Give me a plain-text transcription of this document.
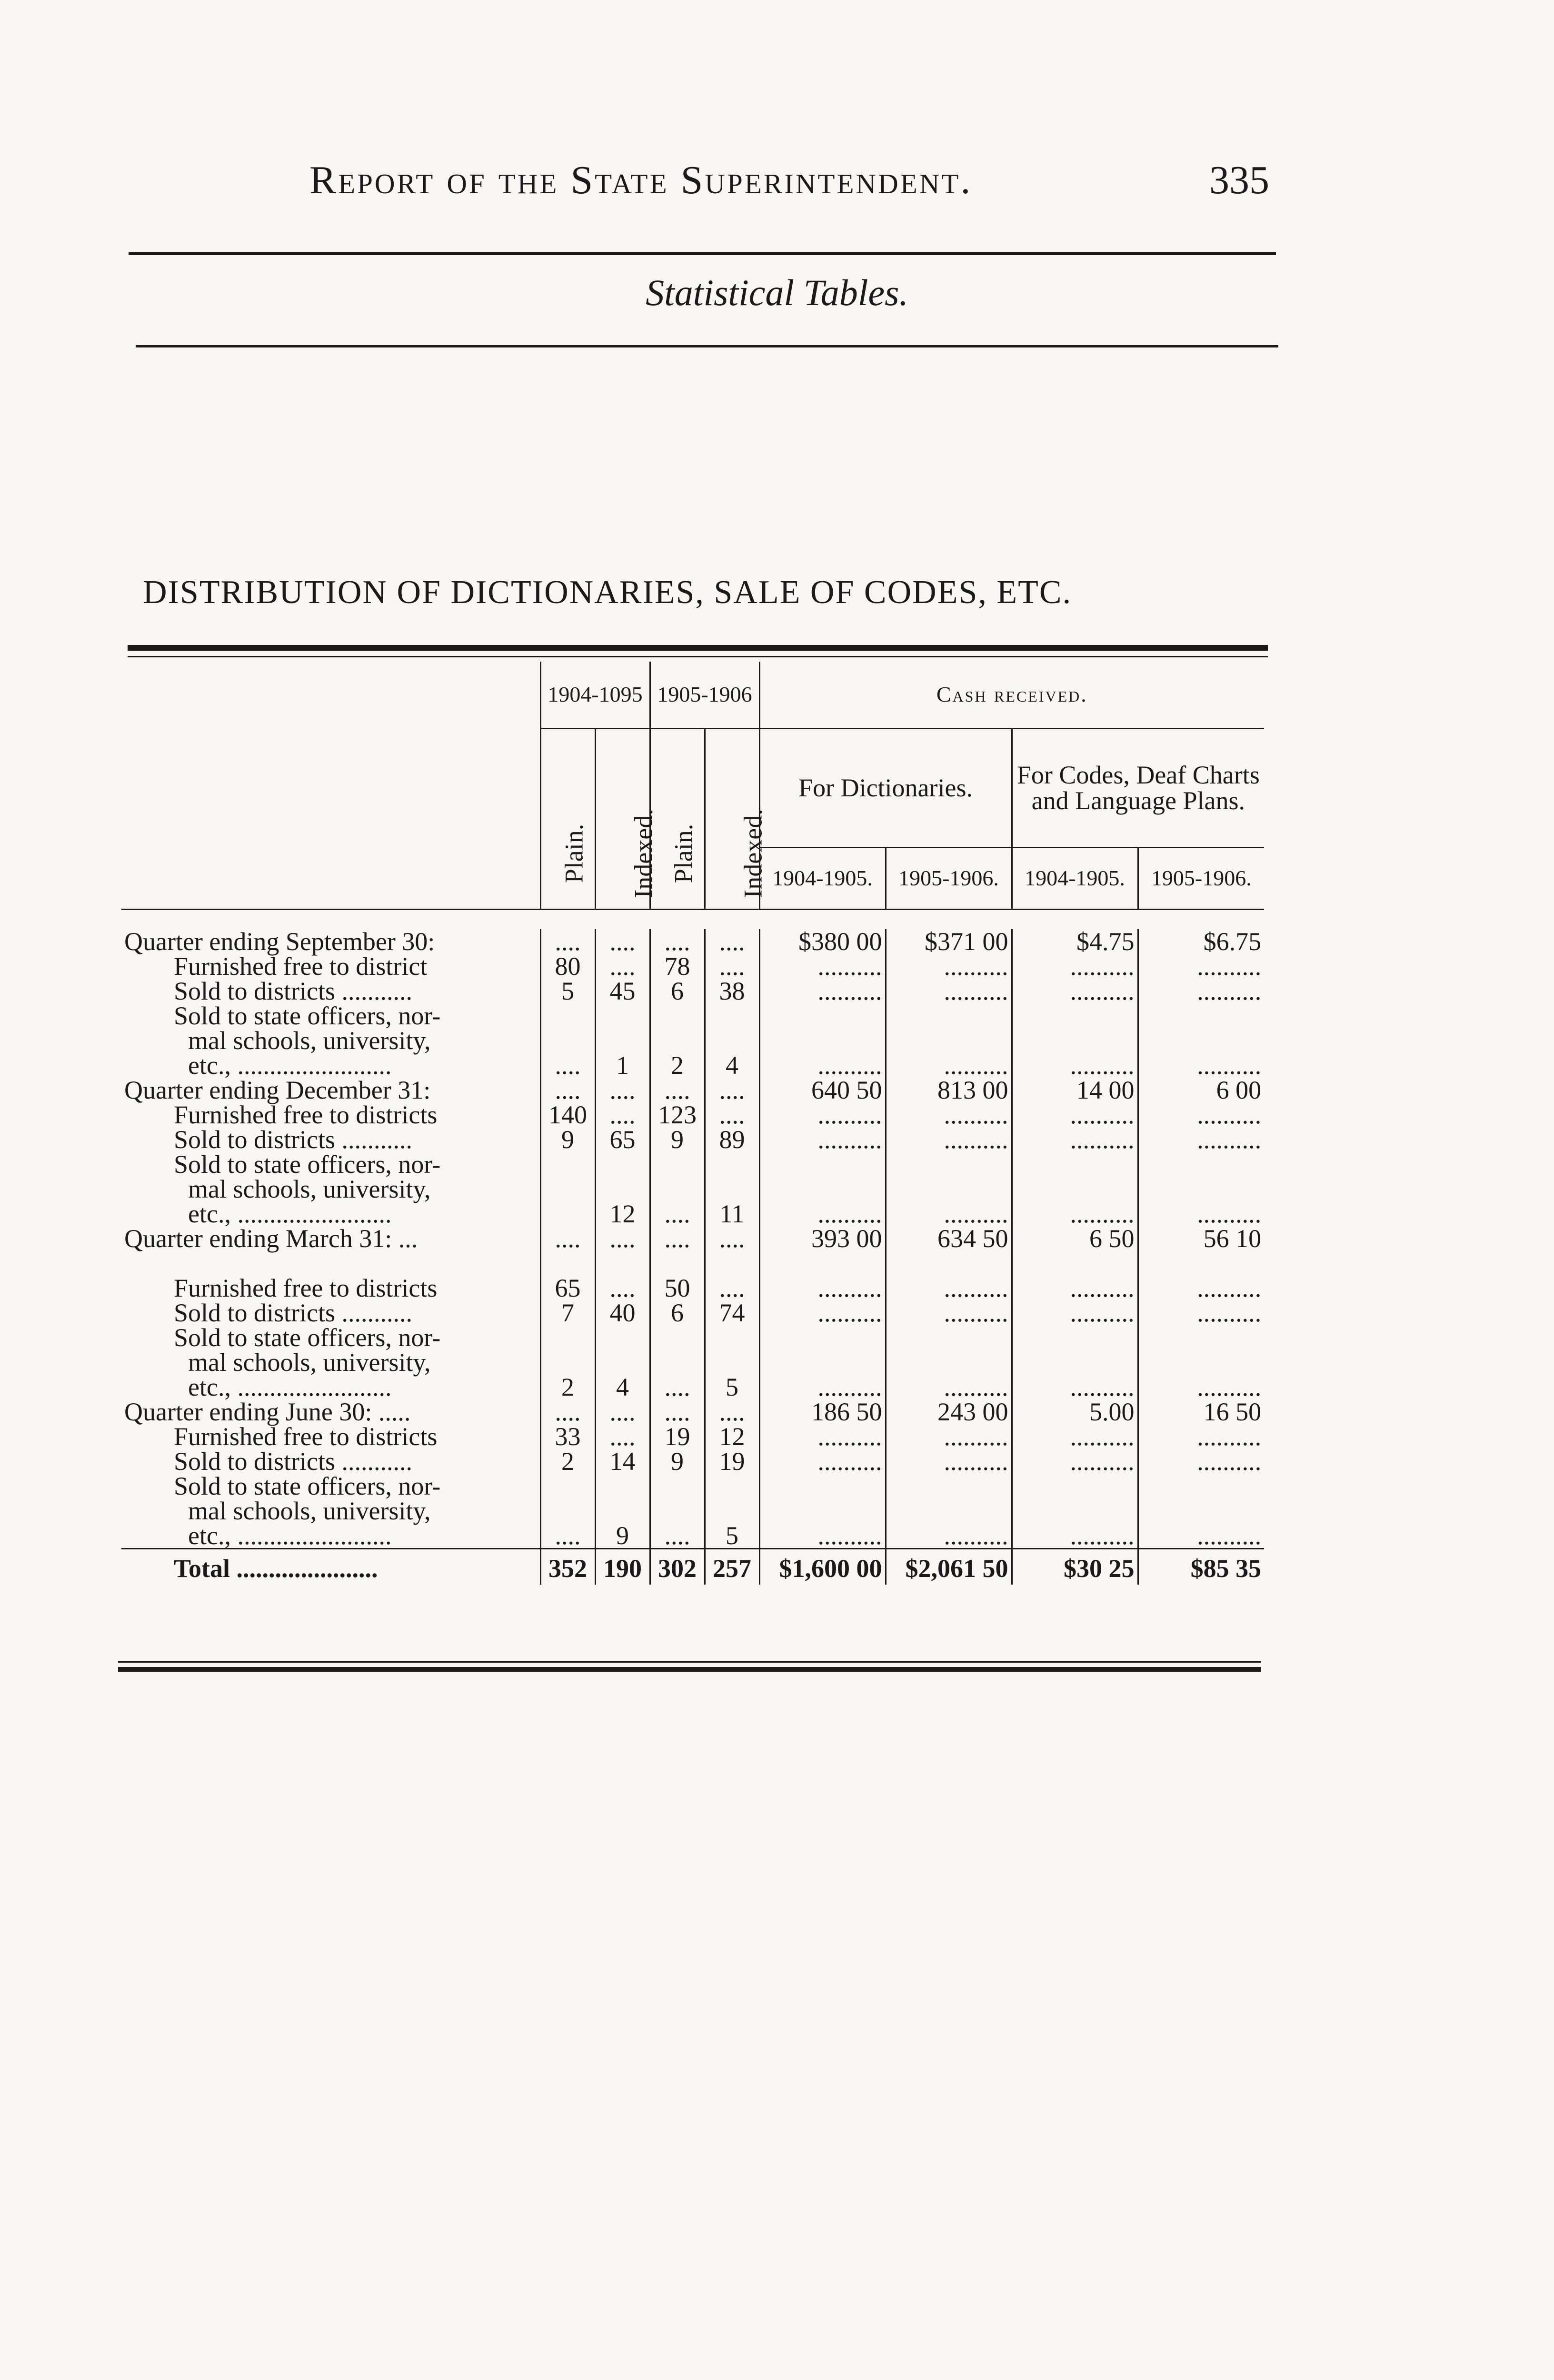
Report of the State Superintendent.	335
Statistical Tables.
DISTRIBUTION OF DICTIONARIES, SALE OF CODES, ETC.
	1904-1095		1905-1906		Cash received.			
	Plain.	Indexed.	Plain.	Indexed.	For Dictionaries.		For Codes, Deaf Charts and Language Plans.	
					1904-1905.	1905-1906.	1904-1905.	1905-1906.

Quarter ending September 30:	....	....	....	....	$380 00	$371 00	$4.75	$6.75
Furnished free to district	80	....	78	....	..........	..........	..........	..........
Sold to districts ...........	5	45	6	38	..........	..........	..........	..........
Sold to state officers, nor-								
mal schools, university,								
etc., ........................	....	1	2	4	..........	..........	..........	..........
Quarter ending December 31:	....	....	....	....	640 50	813 00	14 00	6 00
Furnished free to districts	140	....	123	....	..........	..........	..........	..........
Sold to districts ...........	9	65	9	89	..........	..........	..........	..........
Sold to state officers, nor-								
mal schools, university,								
etc., ........................		12	....	11	..........	..........	..........	..........
Quarter ending March 31: ...	....	....	....	....	393 00	634 50	6 50	56 10

Furnished free to districts	65	....	50	....	..........	..........	..........	..........
Sold to districts ...........	7	40	6	74	..........	..........	..........	..........
Sold to state officers, nor-								
mal schools, university,								
etc., ........................	2	4	....	5	..........	..........	..........	..........
Quarter ending June 30: .....	....	....	....	....	186 50	243 00	5.00	16 50
Furnished free to districts	33	....	19	12	..........	..........	..........	..........
Sold to districts ...........	2	14	9	19	..........	..........	..........	..........
Sold to state officers, nor-								
mal schools, university,								
etc., ........................	....	9	....	5	..........	..........	..........	..........
Total ......................	352	190	302	257	$1,600 00	$2,061 50	$30 25	$85 35
